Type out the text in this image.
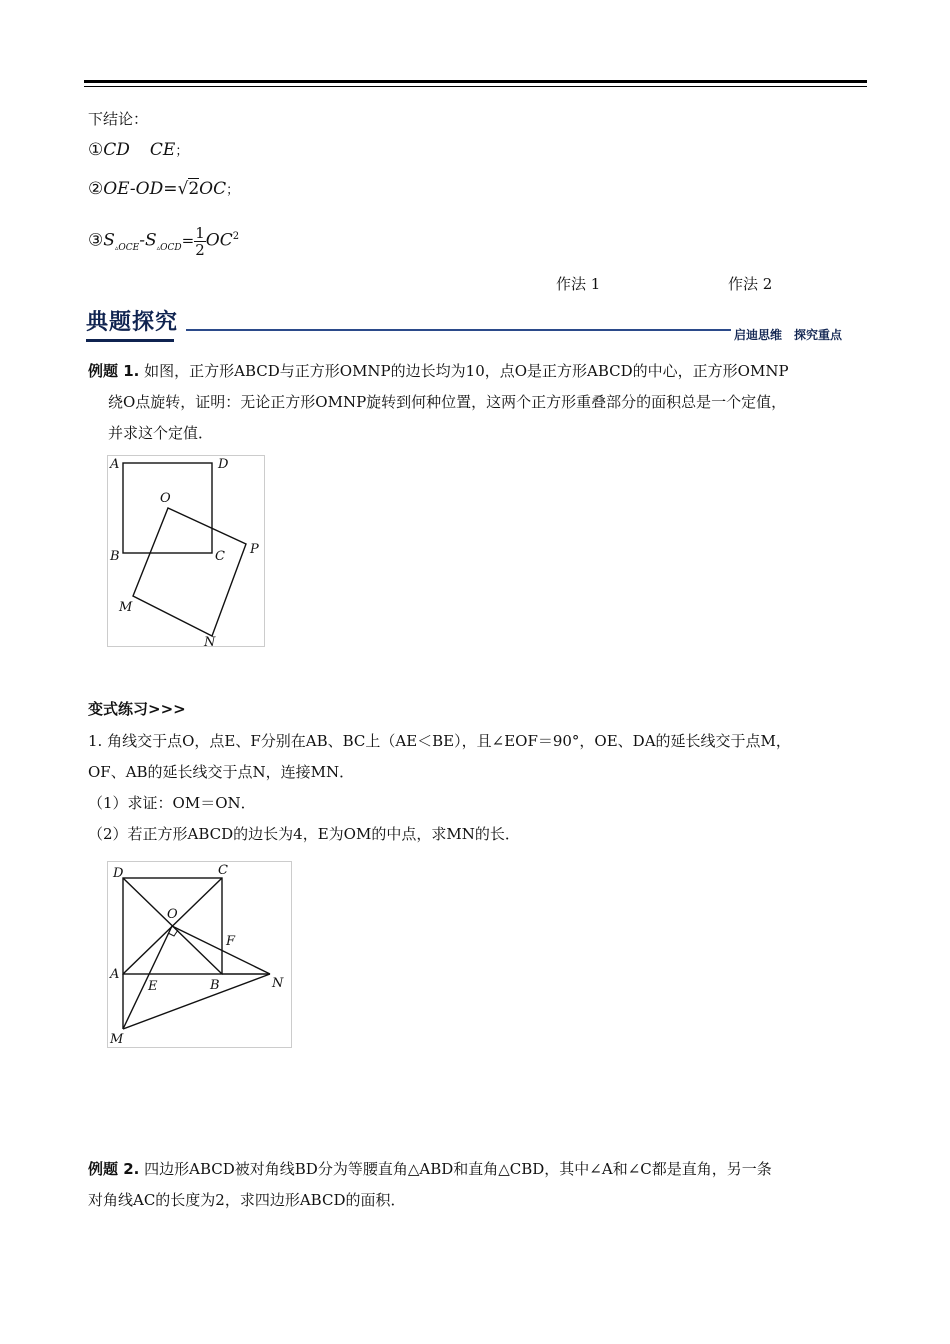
下结论：
①CD CE；
②OE-OD=√2OC；
$③S_{▵OCE}-S_{▵OCD}= \frac{1}{2} OC^2$
作法 1	作法 2
典题探究	启迪思维　探究重点
例题 1. 如图，正方形ABCD与正方形OMNP的边长均为10，点O是正方形ABCD的中心，正方形OMNP
绕O点旋转，证明：无论正方形OMNP旋转到何种位置，这两个正方形重叠部分的面积总是一个定值，
并求这个定值．
A	D
O
B	C P
M
N
变式练习>>>
1. 角线交于点O，点E、F分别在AB、BC上（AE＜BE），且∠EOF＝90°，OE、DA的延长线交于点M，
OF、AB的延长线交于点N，连接MN．
（1）求证：OM＝ON．
（2）若正方形ABCD的边长为4，E为OM的中点，求MN的长．
D	C
O
F
A
E	B	N
M
例题 2. 四边形ABCD被对角线BD分为等腰直角△ABD和直角△CBD，其中∠A和∠C都是直角，另一条
对角线AC的长度为2，求四边形ABCD的面积．
